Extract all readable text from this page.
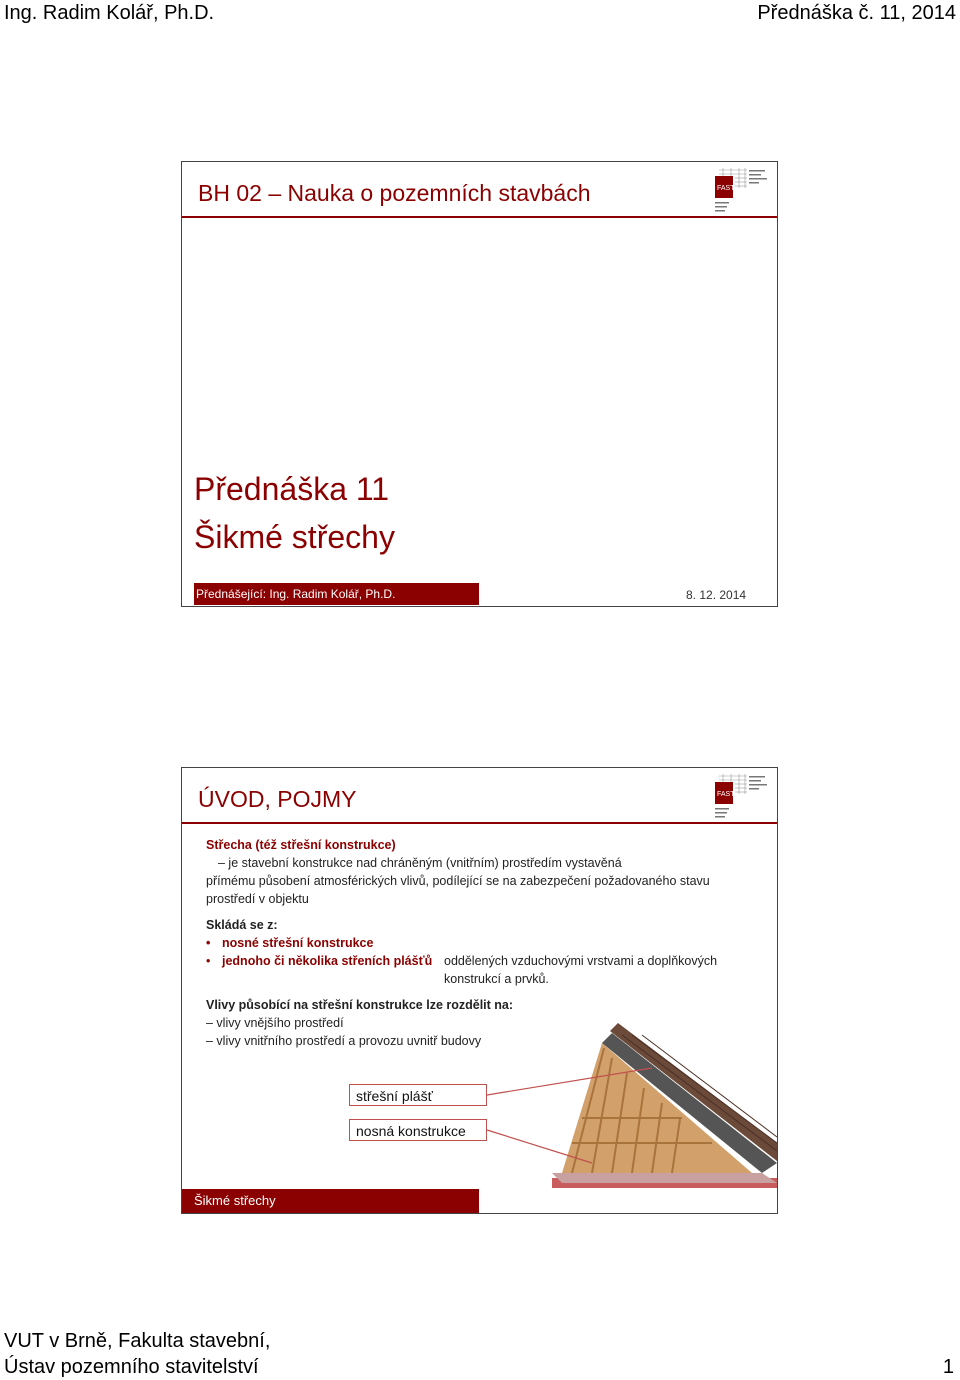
Ing. Radim Kolář, Ph.D.	Přednáška č. 11, 2014
BH 02 – Nauka o pozemních stavbách	FAST
Přednáška 11
Šikmé střechy
Přednášející: Ing. Radim Kolář, Ph.D.	8. 12. 2014
ÚVOD, POJMY	FAST
Střecha (též střešní konstrukce)
– je stavební konstrukce nad chráněným (vnitřním) prostředím vystavěná
přímému působení atmosférických vlivů, podílející se na zabezpečení požadovaného stavu
prostředí v objektu
Skládá se z:
• nosné střešní konstrukce
• jednoho či několika střeních plášťů oddělených vzduchovými vrstvami a doplňkových konstrukcí a prvků.
Vlivy působící na střešní konstrukce lze rozdělit na:
– vlivy vnějšího prostředí
– vlivy vnitřního prostředí a provozu uvnitř budovy
střešní plášť
nosná konstrukce
Šikmé střechy
VUT v Brně, Fakulta stavební,
Ústav pozemního stavitelství	1
